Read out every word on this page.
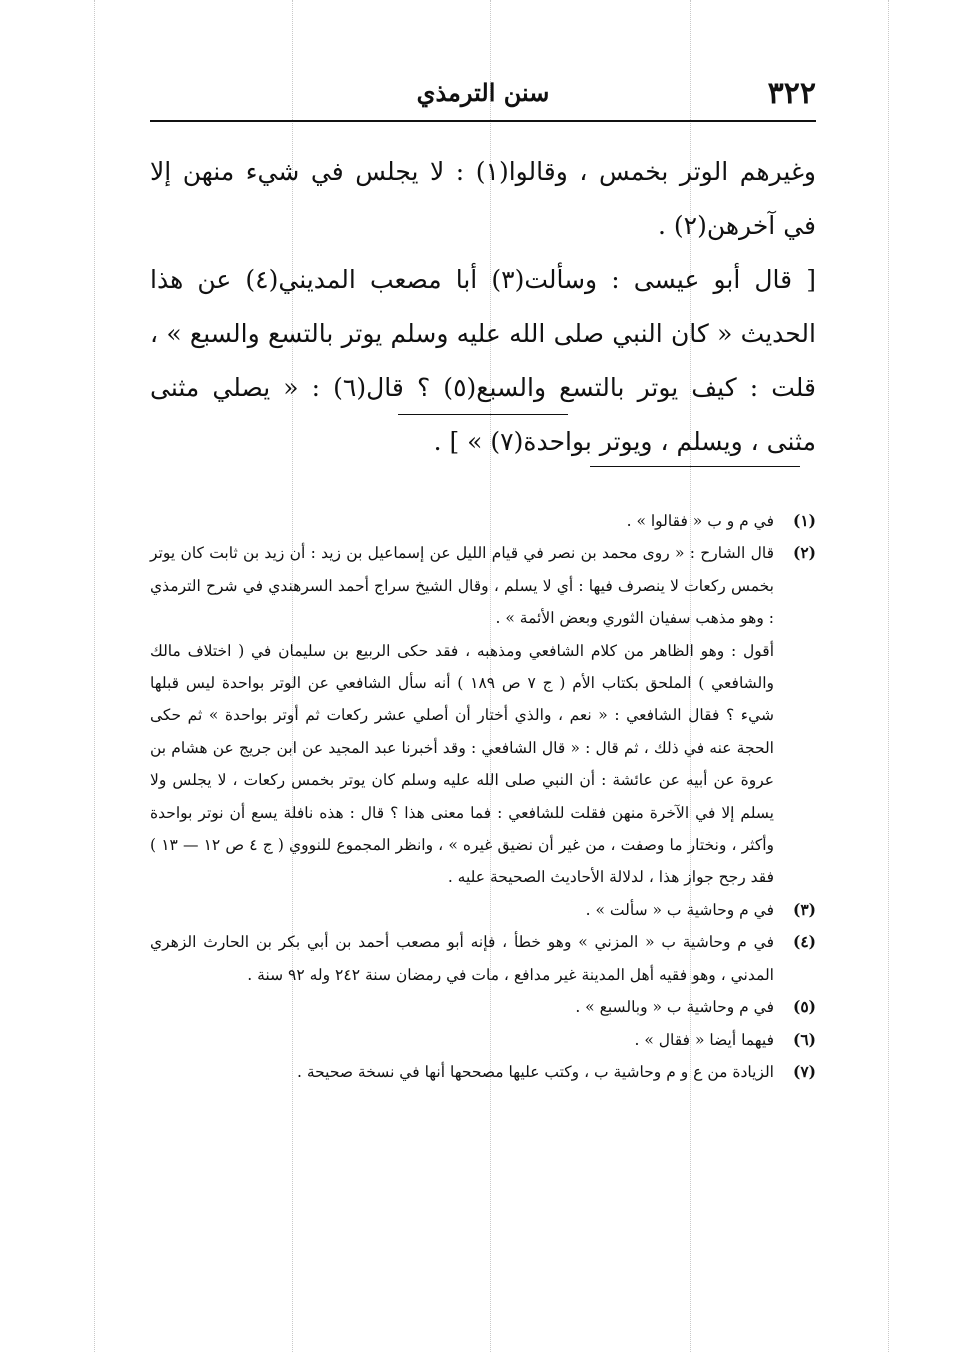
٣٢٢
سنن الترمذي

وغيرهم الوتر بخمس ، وقالوا(١) : لا يجلس في شيء منهن إلا في آخرهن(٢) .

[ قال أبو عيسى : وسألت(٣) أبا مصعب المديني(٤) عن هذا الحديث « كان النبي صلى الله عليه وسلم يوتر بالتسع والسبع » ، قلت : كيف يوتر بالتسع والسبع(٥) ؟ قال(٦) : « يصلي مثنى مثنى ، ويسلم ، ويوتر بواحدة(٧) » ] .

(١)

في م و ب « فقالوا » .

(٢)

قال الشارح : « روى محمد بن نصر في قيام الليل عن إسماعيل بن زيد : أن زيد بن ثابت كان يوتر بخمس ركعات لا ينصرف فيها : أي لا يسلم ، وقال الشيخ سراج أحمد السرهندي في شرح الترمذي : وهو مذهب سفيان الثوري وبعض الأئمة » .

أقول : وهو الظاهر من كلام الشافعي ومذهبه ، فقد حكى الربيع بن سليمان في ( اختلاف مالك والشافعي ) الملحق بكتاب الأم ( ج ٧ ص ١٨٩ ) أنه سأل الشافعي عن الوتر بواحدة ليس قبلها شيء ؟ فقال الشافعي : « نعم ، والذي أختار أن أصلي عشر ركعات ثم أوتر بواحدة » ثم حكى الحجة عنه في ذلك ، ثم قال : « قال الشافعي : وقد أخبرنا عبد المجيد عن ابن جريج عن هشام بن عروة عن أبيه عن عائشة : أن النبي صلى الله عليه وسلم كان يوتر بخمس ركعات ، لا يجلس ولا يسلم إلا في الآخرة منهن فقلت للشافعي : فما معنى هذا ؟ قال : هذه نافلة يسع أن نوتر بواحدة وأكثر ، ونختار ما وصفت ، من غير أن نضيق غيره » ، وانظر المجموع للنووي ( ج ٤ ص ١٢ — ١٣ ) فقد رجح جواز هذا ، لدلالة الأحاديث الصحيحة عليه .

(٣)

في م وحاشية ب « سألت » .

(٤)

في م وحاشية ب « المزني » وهو خطأ ، فإنه أبو مصعب أحمد بن أبي بكر بن الحارث الزهري المدني ، وهو فقيه أهل المدينة غير مدافع ، مات في رمضان سنة ٢٤٢ وله ٩٢ سنة .

(٥)

في م وحاشية ب « وبالسبع » .

(٦)

فيهما أيضا « فقال » .

(٧)

الزيادة من ع و م وحاشية ب ، وكتب عليها مصححها أنها في نسخة صحيحة .
